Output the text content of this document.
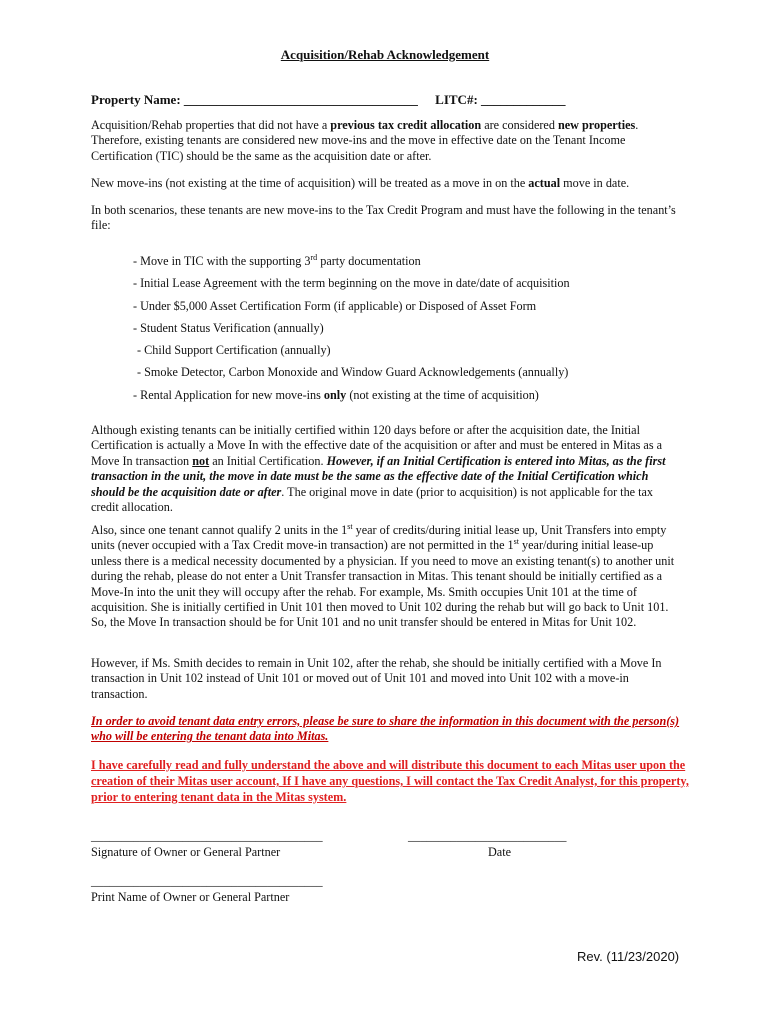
Acquisition/Rehab Acknowledgement
Property Name: ____________________________________ LITC#: _____________

Acquisition/Rehab properties that did not have a previous tax credit allocation are considered new properties. Therefore, existing tenants are considered new move-ins and the move in effective date on the Tenant Income Certification (TIC) should be the same as the acquisition date or after.

New move-ins (not existing at the time of acquisition) will be treated as a move in on the actual move in date.

In both scenarios, these tenants are new move-ins to the Tax Credit Program and must have the following in the tenant’s file:

- Move in TIC with the supporting 3rd party documentation
- Initial Lease Agreement with the term beginning on the move in date/date of acquisition
- Under $5,000 Asset Certification Form (if applicable) or Disposed of Asset Form
- Student Status Verification (annually)
- Child Support Certification (annually)
- Smoke Detector, Carbon Monoxide and Window Guard Acknowledgements (annually)
- Rental Application for new move-ins only (not existing at the time of acquisition)

Although existing tenants can be initially certified within 120 days before or after the acquisition date, the Initial Certification is actually a Move In with the effective date of the acquisition or after and must be entered in Mitas as a Move In transaction not an Initial Certification. However, if an Initial Certification is entered into Mitas, as the first transaction in the unit, the move in date must be the same as the effective date of the Initial Certification which should be the acquisition date or after. The original move in date (prior to acquisition) is not applicable for the tax credit allocation.

Also, since one tenant cannot qualify 2 units in the 1st year of credits/during initial lease up, Unit Transfers into empty units (never occupied with a Tax Credit move-in transaction) are not permitted in the 1st year/during initial lease-up unless there is a medical necessity documented by a physician. If you need to move an existing tenant(s) to another unit during the rehab, please do not enter a Unit Transfer transaction in Mitas. This tenant should be initially certified as a Move-In into the unit they will occupy after the rehab. For example, Ms. Smith occupies Unit 101 at the time of acquisition. She is initially certified in Unit 101 then moved to Unit 102 during the rehab but will go back to Unit 101. So, the Move In transaction should be for Unit 101 and no unit transfer should be entered in Mitas for Unit 102.

However, if Ms. Smith decides to remain in Unit 102, after the rehab, she should be initially certified with a Move In transaction in Unit 102 instead of Unit 101 or moved out of Unit 101 and moved into Unit 102 with a move-in transaction.

In order to avoid tenant data entry errors, please be sure to share the information in this document with the person(s) who will be entering the tenant data into Mitas.

I have carefully read and fully understand the above and will distribute this document to each Mitas user upon the creation of their Mitas user account, If I have any questions, I will contact the Tax Credit Analyst, for this property, prior to entering tenant data in the Mitas system.

______________________________________
Signature of Owner or General Partner
__________________________
Date
______________________________________
Print Name of Owner or General Partner
Rev. (11/23/2020)
